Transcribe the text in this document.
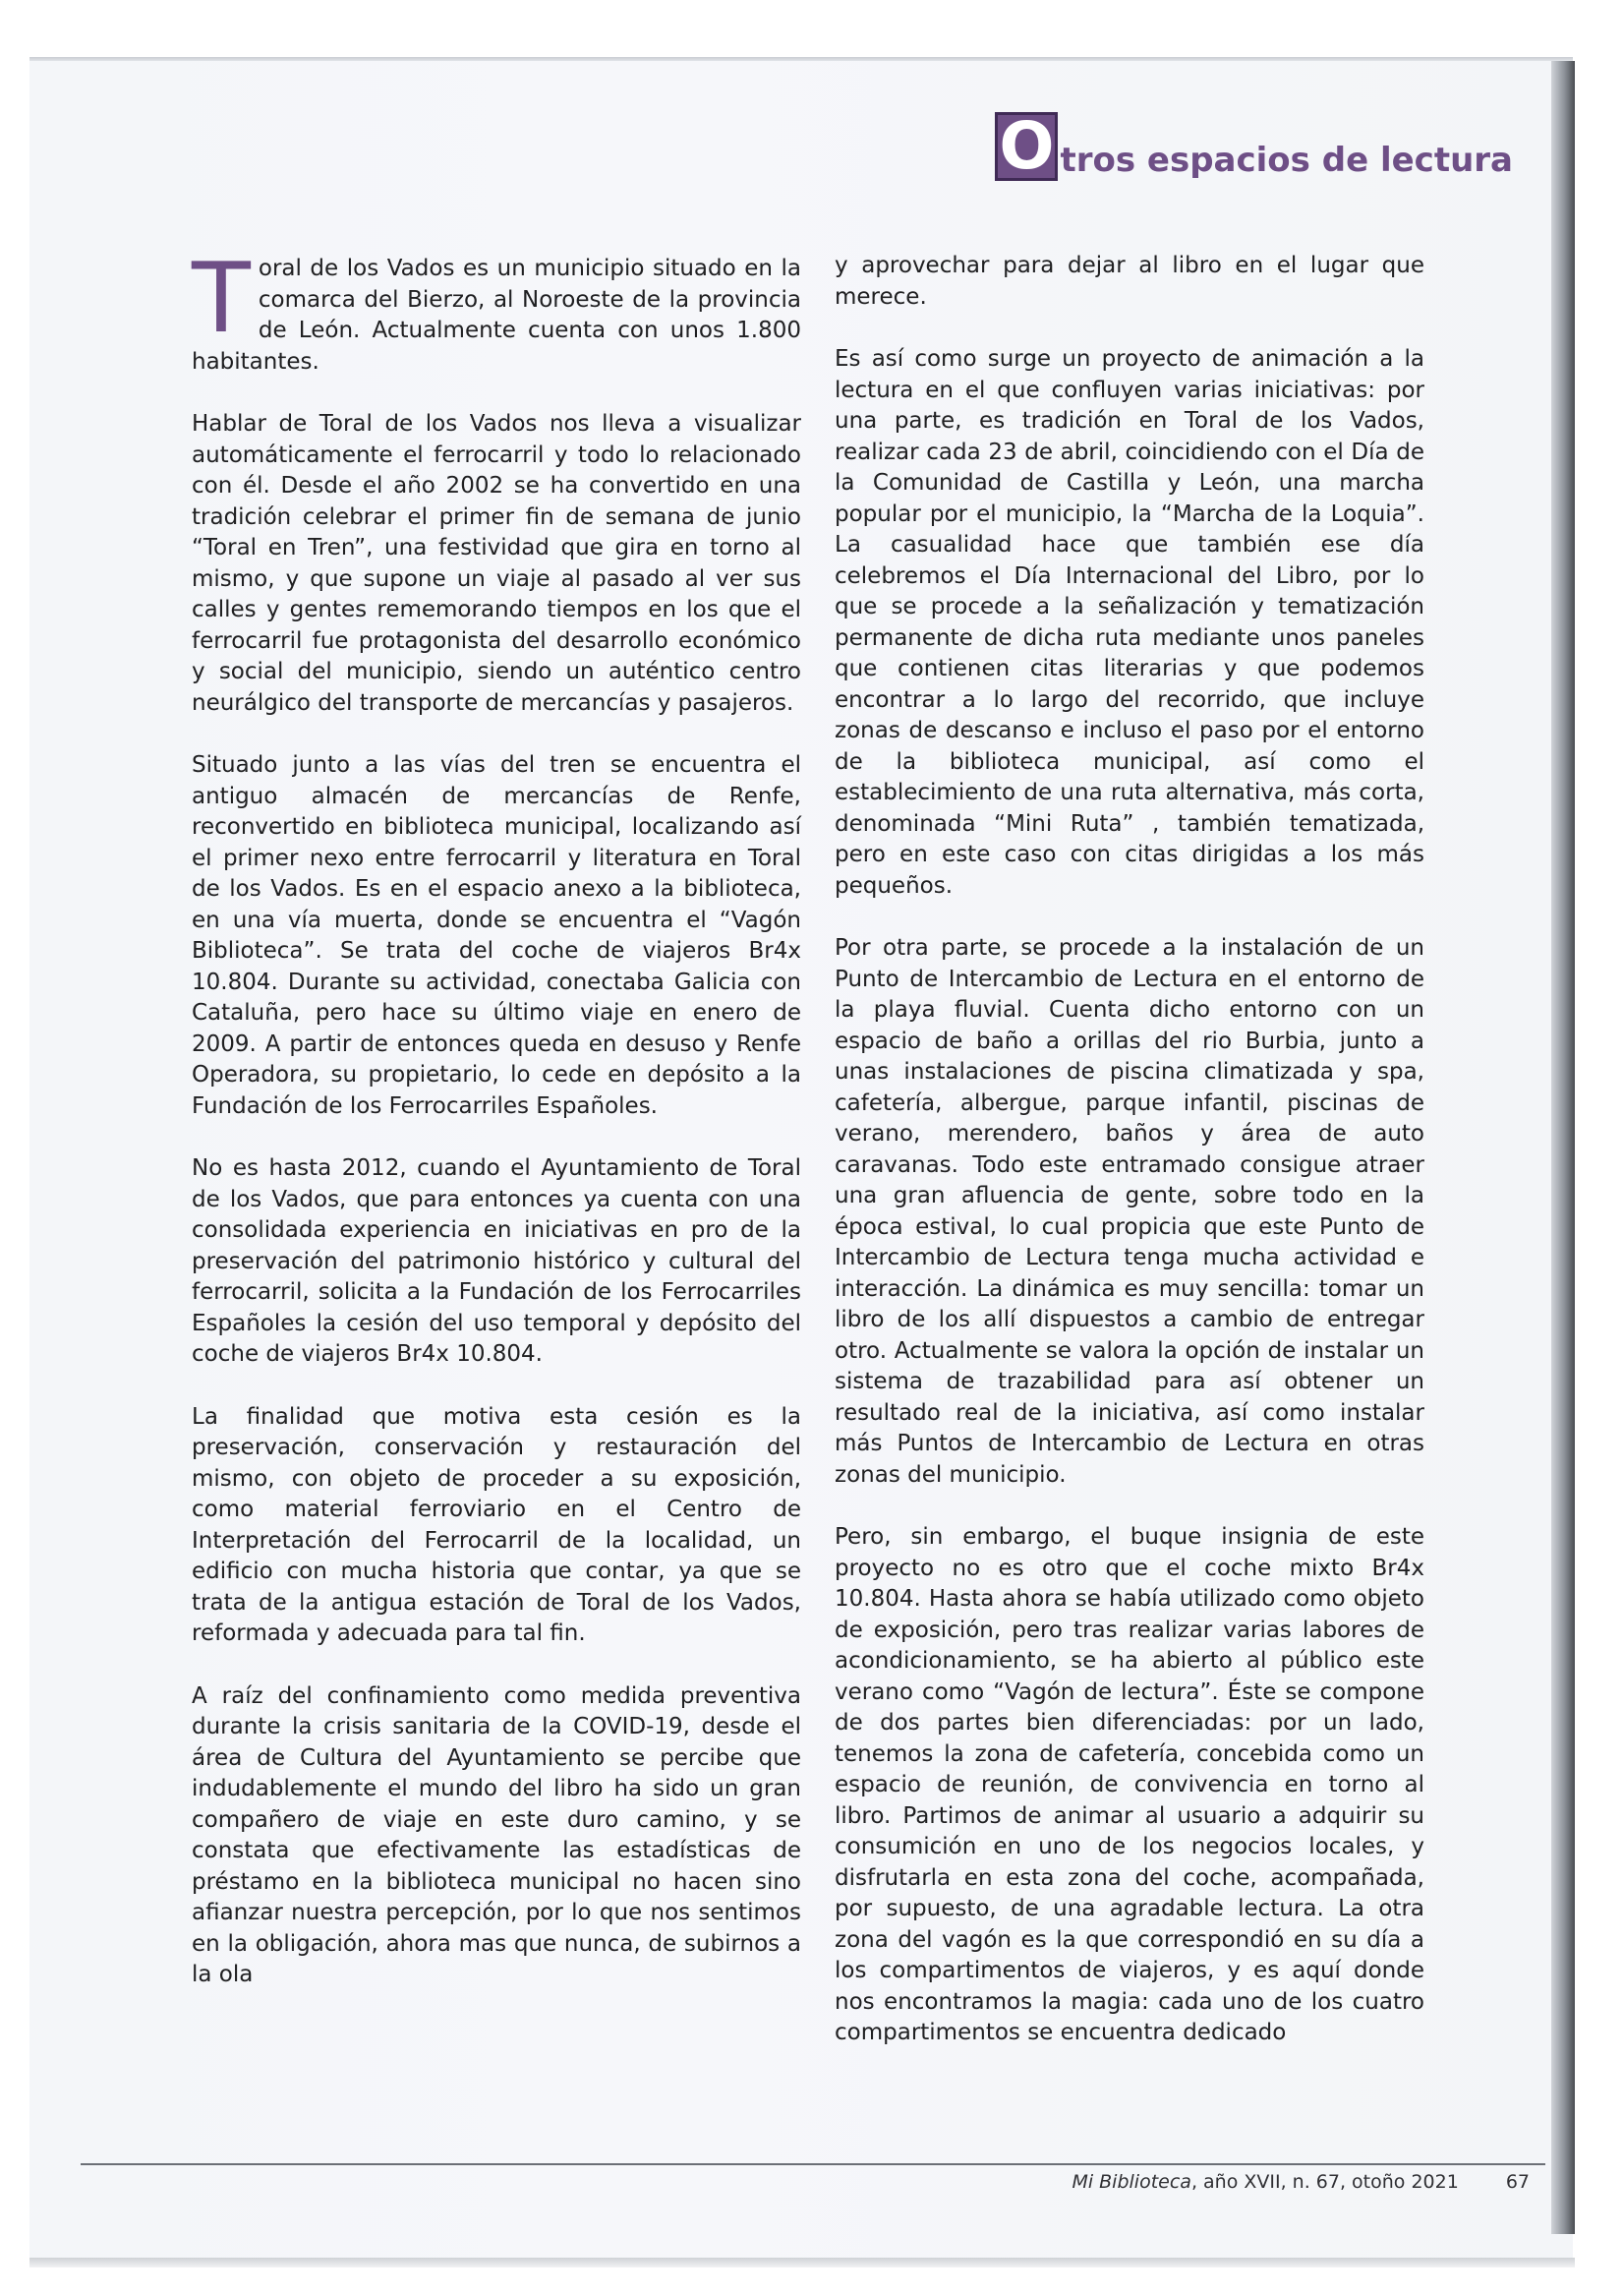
O tros espacios de lectura

Toral de los Vados es un municipio situado en la comarca del Bierzo, al Noroeste de la provincia de León. Actualmente cuenta con unos 1.800 habitantes.

Hablar de Toral de los Vados nos lleva a visualizar automáticamente el ferrocarril y todo lo relacionado con él. Desde el año 2002 se ha convertido en una tradición celebrar el primer fin de semana de junio “Toral en Tren”, una festividad que gira en torno al mismo, y que supone un viaje al pasado al ver sus calles y gentes rememorando tiempos en los que el ferrocarril fue protagonista del desarrollo económico y social del municipio, siendo un auténtico centro neurálgico del transporte de mercancías y pasajeros.

Situado junto a las vías del tren se encuentra el antiguo almacén de mercancías de Renfe, reconvertido en biblioteca municipal, localizando así el primer nexo entre ferrocarril y literatura en Toral de los Vados. Es en el espacio anexo a la biblioteca, en una vía muerta, donde se encuentra el “Vagón Biblioteca”. Se trata del coche de viajeros Br4x 10.804. Durante su actividad, conectaba Galicia con Cataluña, pero hace su último viaje en enero de 2009. A partir de entonces queda en desuso y Renfe Operadora, su propietario, lo cede en depósito a la Fundación de los Ferrocarriles Españoles.

No es hasta 2012, cuando el Ayuntamiento de Toral de los Vados, que para entonces ya cuenta con una consolidada experiencia en iniciativas en pro de la preservación del patrimonio histórico y cultural del ferrocarril, solicita a la Fundación de los Ferrocarriles Españoles la cesión del uso temporal y depósito del coche de viajeros Br4x 10.804.

La finalidad que motiva esta cesión es la preservación, conservación y restauración del mismo, con objeto de proceder a su exposición, como material ferroviario en el Centro de Interpretación del Ferrocarril de la localidad, un edificio con mucha historia que contar, ya que se trata de la antigua estación de Toral de los Vados, reformada y adecuada para tal fin.

A raíz del confinamiento como medida preventiva durante la crisis sanitaria de la COVID-19, desde el área de Cultura del Ayuntamiento se percibe que indudablemente el mundo del libro ha sido un gran compañero de viaje en este duro camino, y se constata que efectivamente las estadísticas de préstamo en la biblioteca municipal no hacen sino afianzar nuestra percepción, por lo que nos sentimos en la obligación, ahora mas que nunca, de subirnos a la ola

y aprovechar para dejar al libro en el lugar que merece.

Es así como surge un proyecto de animación a la lectura en el que confluyen varias iniciativas: por una parte, es tradición en Toral de los Vados, realizar cada 23 de abril, coincidiendo con el Día de la Comunidad de Castilla y León, una marcha popular por el municipio, la “Marcha de la Loquia”. La casualidad hace que también ese día celebremos el Día Internacional del Libro, por lo que se procede a la señalización y tematización permanente de dicha ruta mediante unos paneles que contienen citas literarias y que podemos encontrar a lo largo del recorrido, que incluye zonas de descanso e incluso el paso por el entorno de la biblioteca municipal, así como el establecimiento de una ruta alternativa, más corta, denominada “Mini Ruta” , también tematizada, pero en este caso con citas dirigidas a los más pequeños.

Por otra parte, se procede a la instalación de un Punto de Intercambio de Lectura en el entorno de la playa fluvial. Cuenta dicho entorno con un espacio de baño a orillas del rio Burbia, junto a unas instalaciones de piscina climatizada y spa, cafetería, albergue, parque infantil, piscinas de verano, merendero, baños y área de auto caravanas. Todo este entramado consigue atraer una gran afluencia de gente, sobre todo en la época estival, lo cual propicia que este Punto de Intercambio de Lectura tenga mucha actividad e interacción. La dinámica es muy sencilla: tomar un libro de los allí dispuestos a cambio de entregar otro. Actualmente se valora la opción de instalar un sistema de trazabilidad para así obtener un resultado real de la iniciativa, así como instalar más Puntos de Intercambio de Lectura en otras zonas del municipio.

Pero, sin embargo, el buque insignia de este proyecto no es otro que el coche mixto Br4x 10.804. Hasta ahora se había utilizado como objeto de exposición, pero tras realizar varias labores de acondicionamiento, se ha abierto al público este verano como “Vagón de lectura”. Éste se compone de dos partes bien diferenciadas: por un lado, tenemos la zona de cafetería, concebida como un espacio de reunión, de convivencia en torno al libro. Partimos de animar al usuario a adquirir su consumición en uno de los negocios locales, y disfrutarla en esta zona del coche, acompañada, por supuesto, de una agradable lectura. La otra zona del vagón es la que correspondió en su día a los compartimentos de viajeros, y es aquí donde nos encontramos la magia: cada uno de los cuatro compartimentos se encuentra dedicado

Mi Biblioteca, año XVII, n. 67, otoño 2021	67
